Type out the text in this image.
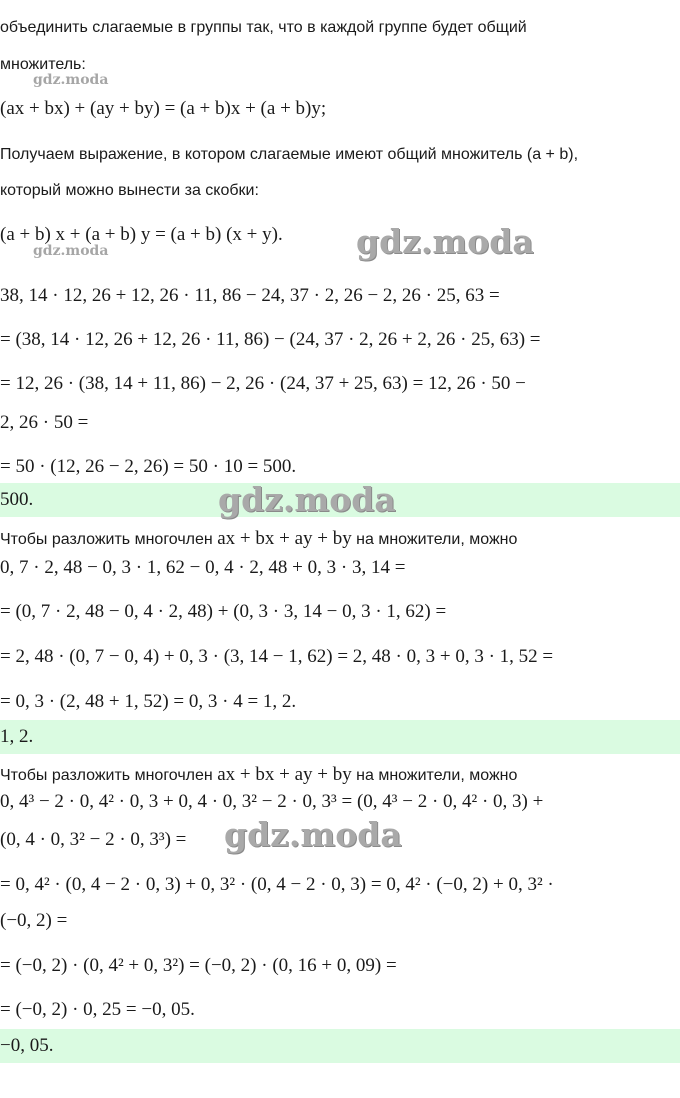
объединить слагаемые в группы так, что в каждой группе будет общий
множитель:
gdz.moda
(ax + bx) + (ay + by) = (a + b)x + (a + b)y;
Получаем выражение, в котором слагаемые имеют общий множитель (a + b),
который можно вынести за скобки:
(a + b) x + (a + b) y = (a + b) (x + y). gdz.moda
gdz.moda
38, 14 · 12, 26 + 12, 26 · 11, 86 − 24, 37 · 2, 26 − 2, 26 · 25, 63 =
= (38, 14 · 12, 26 + 12, 26 · 11, 86) − (24, 37 · 2, 26 + 2, 26 · 25, 63) =
= 12, 26 · (38, 14 + 11, 86) − 2, 26 · (24, 37 + 25, 63) = 12, 26 · 50 −
2, 26 · 50 =
= 50 · (12, 26 − 2, 26) = 50 · 10 = 500.
500.	gdz.moda
Чтобы разложить многочлен ax + bx + ay + by на множители, можно
0, 7 · 2, 48 − 0, 3 · 1, 62 − 0, 4 · 2, 48 + 0, 3 · 3, 14 =
= (0, 7 · 2, 48 − 0, 4 · 2, 48) + (0, 3 · 3, 14 − 0, 3 · 1, 62) =
= 2, 48 · (0, 7 − 0, 4) + 0, 3 · (3, 14 − 1, 62) = 2, 48 · 0, 3 + 0, 3 · 1, 52 =
= 0, 3 · (2, 48 + 1, 52) = 0, 3 · 4 = 1, 2.
1, 2.
Чтобы разложить многочлен ax + bx + ay + by на множители, можно
0, 4³ − 2 · 0, 4² · 0, 3 + 0, 4 · 0, 3² − 2 · 0, 3³ = (0, 4³ − 2 · 0, 4² · 0, 3) +
(0, 4 · 0, 3² − 2 · 0, 3³) = gdz.moda
= 0, 4² · (0, 4 − 2 · 0, 3) + 0, 3² · (0, 4 − 2 · 0, 3) = 0, 4² · (−0, 2) + 0, 3² ·
(−0, 2) =
= (−0, 2) · (0, 4² + 0, 3²) = (−0, 2) · (0, 16 + 0, 09) =
= (−0, 2) · 0, 25 = −0, 05.
−0, 05.
